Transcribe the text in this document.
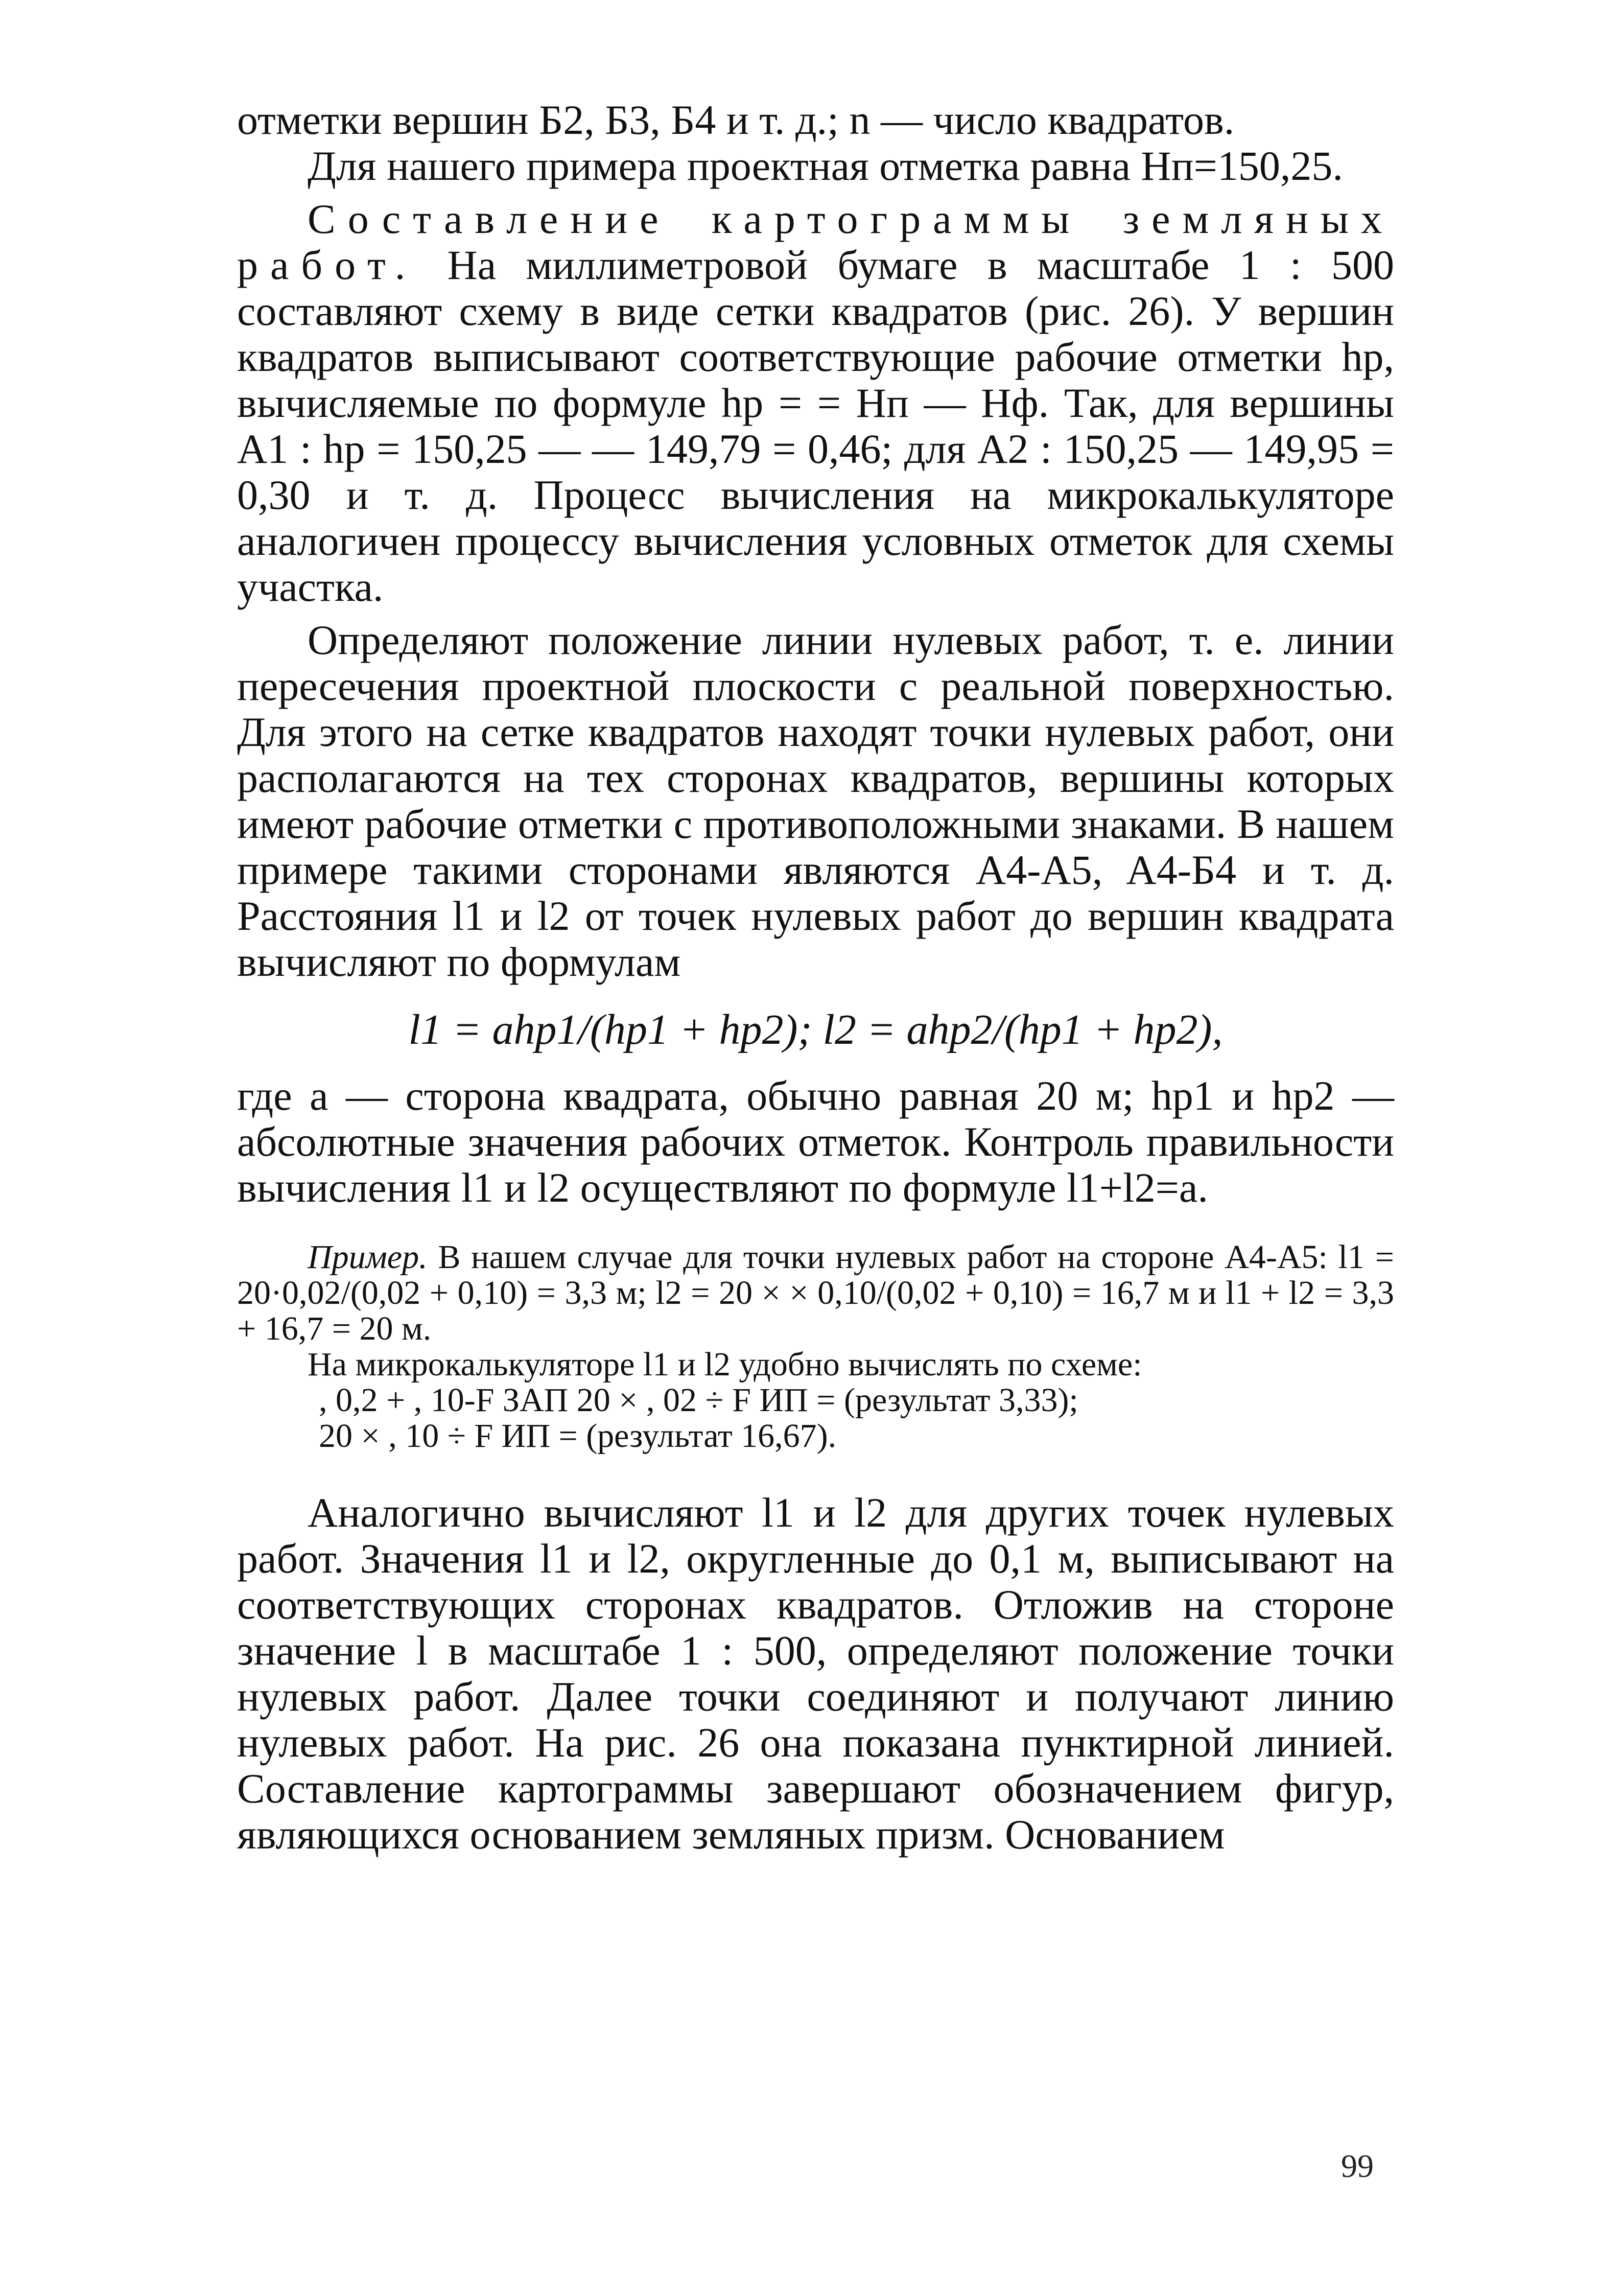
отметки вершин Б2, Б3, Б4 и т. д.; n — число квадратов.

Для нашего примера проектная отметка равна Hп=150,25.

Составление картограммы земляных работ. На миллиметровой бумаге в масштабе 1 : 500 составляют схему в виде сетки квадратов (рис. 26). У вершин квадратов выписывают соответствующие рабочие отметки hр, вычисляемые по формуле hр = = Hп — Hф. Так, для вершины A1 : hр = 150,25 — — 149,79 = 0,46; для A2 : 150,25 — 149,95 = 0,30 и т. д. Процесс вычисления на микрокалькуляторе аналогичен процессу вычисления условных отметок для схемы участка.

Определяют положение линии нулевых работ, т. е. линии пересечения проектной плоскости с реальной поверхностью. Для этого на сетке квадратов находят точки нулевых работ, они располагаются на тех сторонах квадратов, вершины которых имеют рабочие отметки с противоположными знаками. В нашем примере такими сторонами являются A4-A5, A4-Б4 и т. д. Расстояния l1 и l2 от точек нулевых работ до вершин квадрата вычисляют по формулам

l1 = ahp1/(hp1 + hp2); l2 = ahp2/(hp1 + hp2),

где a — сторона квадрата, обычно равная 20 м; hp1 и hp2 — абсолютные значения рабочих отметок. Контроль правильности вычисления l1 и l2 осуществляют по формуле l1+l2=a.

Пример. В нашем случае для точки нулевых работ на стороне A4-A5: l1 = 20·0,02/(0,02 + 0,10) = 3,3 м; l2 = 20 × × 0,10/(0,02 + 0,10) = 16,7 м и l1 + l2 = 3,3 + 16,7 = 20 м.

На микрокалькуляторе l1 и l2 удобно вычислять по схеме:

, 0,2 + , 10-F ЗАП 20 × , 02 ÷ F ИП = (результат 3,33);

20 × , 10 ÷ F ИП = (результат 16,67).

Аналогично вычисляют l1 и l2 для других точек нулевых работ. Значения l1 и l2, округленные до 0,1 м, выписывают на соответствующих сторонах квадратов. Отложив на стороне значение l в масштабе 1 : 500, определяют положение точки нулевых работ. Далее точки соединяют и получают линию нулевых работ. На рис. 26 она показана пунктирной линией. Составление картограммы завершают обозначением фигур, являющихся основанием земляных призм. Основанием

99
